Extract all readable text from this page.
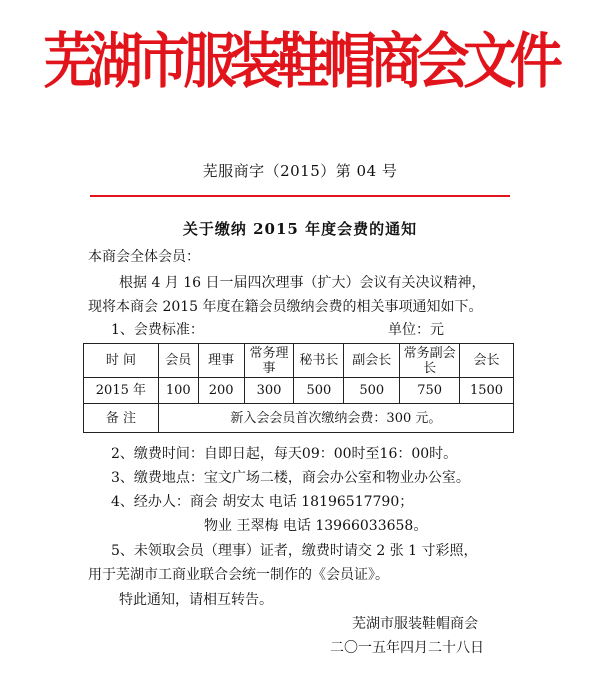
芜湖市服装鞋帽商会文件
芜服商字（2015）第 04 号
关于缴纳 2015 年度会费的通知
本商会全体会员：
根据 4 月 16 日一届四次理事（扩大）会议有关决议精神，
现将本商会 2015 年度在籍会员缴纳会费的相关事项通知如下。
1、会费标准：	单位：元
时 间	会员	理事	常务理事	秘书长	副会长	常务副会长	会长
2015 年	100	200	300	500	500	750	1500
备 注	新入会会员首次缴纳会费：300 元。						
2、缴费时间：自即日起，每天09：00时至16：00时。
3、缴费地点：宝文广场二楼，商会办公室和物业办公室。
4、经办人：商会 胡安太 电话 18196517790；
物业 王翠梅 电话 13966033658。
5、未领取会员（理事）证者，缴费时请交 2 张 1 寸彩照，
用于芜湖市工商业联合会统一制作的《会员证》。
特此通知，请相互转告。
芜湖市服装鞋帽商会
二〇一五年四月二十八日
